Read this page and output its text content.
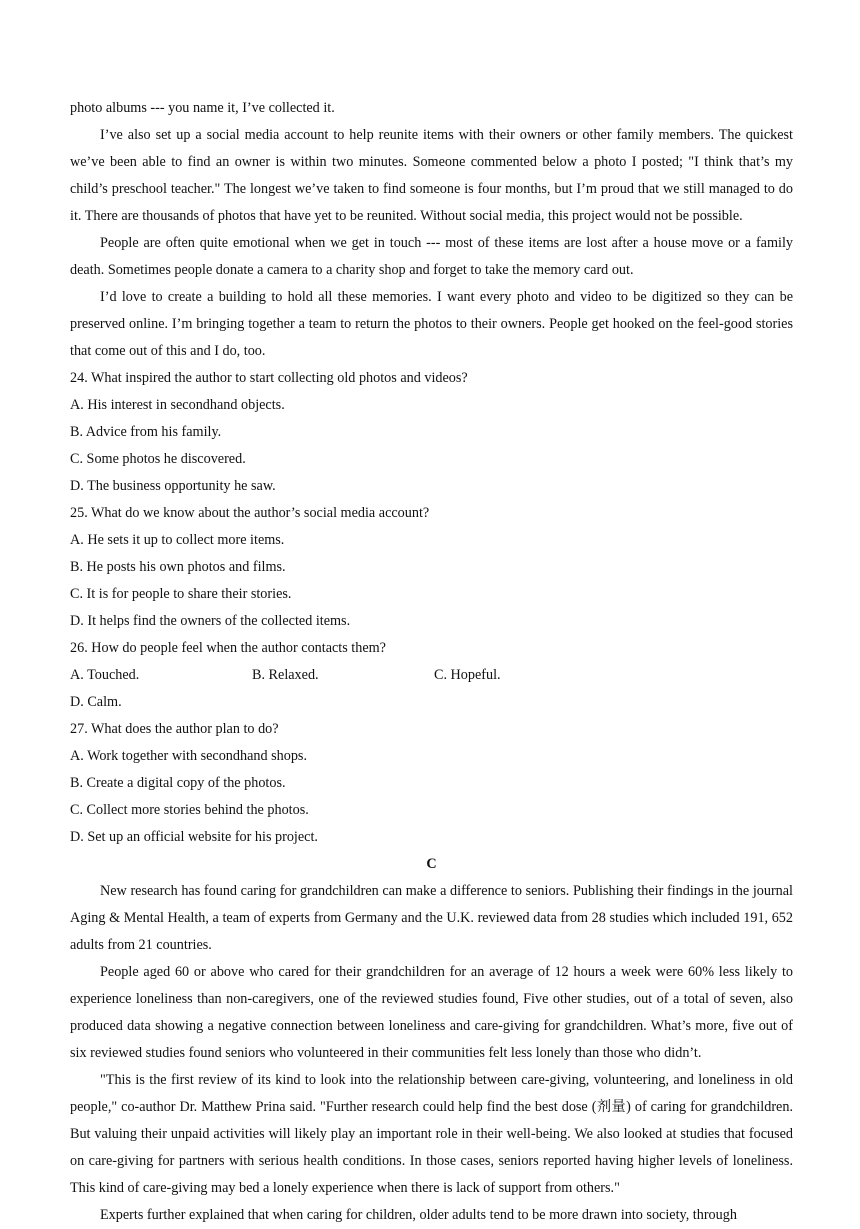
photo albums --- you name it, I’ve collected it.

I’ve also set up a social media account to help reunite items with their owners or other family members. The quickest we’ve been able to find an owner is within two minutes. Someone commented below a photo I posted; "I think that’s my child’s preschool teacher." The longest we’ve taken to find someone is four months, but I’m proud that we still managed to do it. There are thousands of photos that have yet to be reunited. Without social media, this project would not be possible.

People are often quite emotional when we get in touch --- most of these items are lost after a house move or a family death. Sometimes people donate a camera to a charity shop and forget to take the memory card out.

I’d love to create a building to hold all these memories. I want every photo and video to be digitized so they can be preserved online. I’m bringing together a team to return the photos to their owners. People get hooked on the feel-good stories that come out of this and I do, too.

24. What inspired the author to start collecting old photos and videos?

A. His interest in secondhand objects.
B. Advice from his family.
C. Some photos he discovered.
D. The business opportunity he saw.

25. What do we know about the author’s social media account?

A. He sets it up to collect more items.
B. He posts his own photos and films.
C. It is for people to share their stories.
D. It helps find the owners of the collected items.

26. How do people feel when the author contacts them?

A. Touched.	B. Relaxed.	C. Hopeful.
D. Calm.

27. What does the author plan to do?

A. Work together with secondhand shops.
B. Create a digital copy of the photos.
C. Collect more stories behind the photos.
D. Set up an official website for his project.

C

New research has found caring for grandchildren can make a difference to seniors. Publishing their findings in the journal Aging & Mental Health, a team of experts from Germany and the U.K. reviewed data from 28 studies which included 191, 652 adults from 21 countries.

People aged 60 or above who cared for their grandchildren for an average of 12 hours a week were 60% less likely to experience loneliness than non-caregivers, one of the reviewed studies found, Five other studies, out of a total of seven, also produced data showing a negative connection between loneliness and care-giving for grandchildren. What’s more, five out of six reviewed studies found seniors who volunteered in their communities felt less lonely than those who didn’t.

"This is the first review of its kind to look into the relationship between care-giving, volunteering, and loneliness in old people," co-author Dr. Matthew Prina said. "Further research could help find the best dose (剂量) of caring for grandchildren. But valuing their unpaid activities will likely play an important role in their well-being. We also looked at studies that focused on care-giving for partners with serious health conditions. In those cases, seniors reported having higher levels of loneliness. This kind of care-giving may bed a lonely experience when there is lack of support from others."

Experts further explained that when caring for children, older adults tend to be more drawn into society, through
